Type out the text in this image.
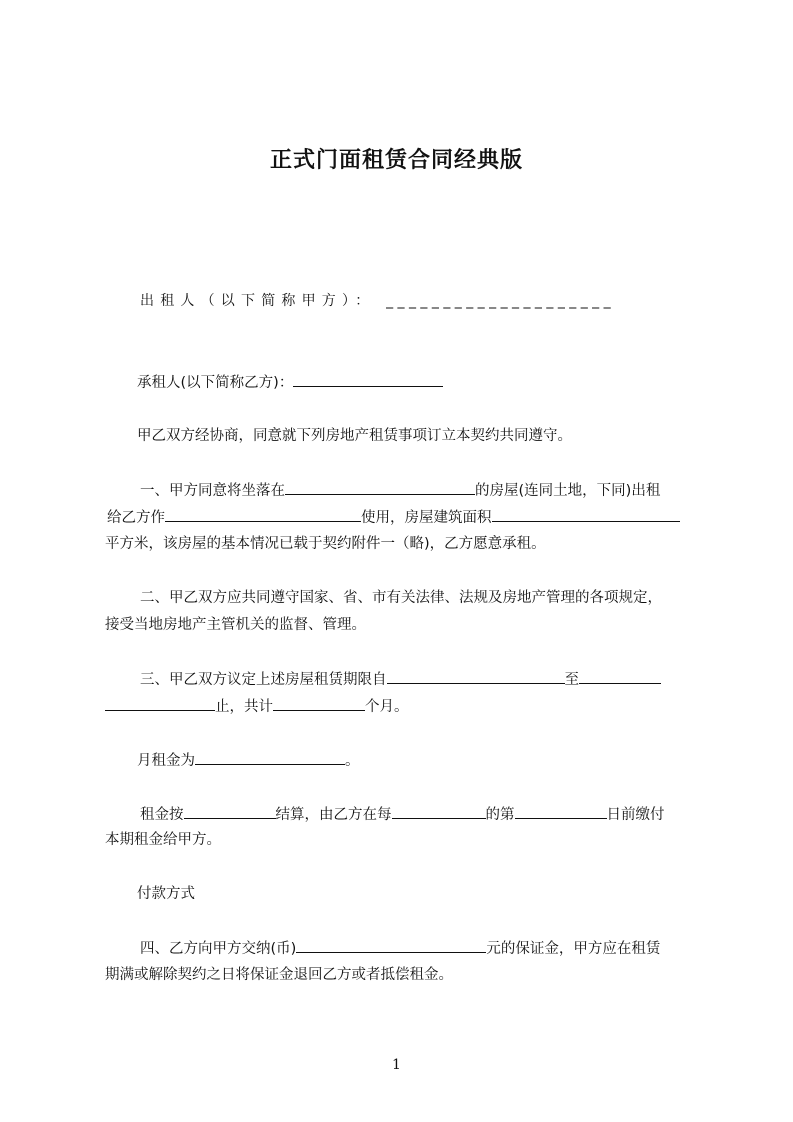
正式门面租赁合同经典版
出租人（以下简称甲方）： _ _ _ _ _ _ _ _ _ _ _ _ _ _ _ _ _ _ _ _
承租人(以下简称乙方)：
甲乙双方经协商，同意就下列房地产租赁事项订立本契约共同遵守。
一、甲方同意将坐落在	的房屋(连同土地，下同)出租
给乙方作	使用，房屋建筑面积
平方米，该房屋的基本情况已载于契约附件一（略)，乙方愿意承租。
二、甲乙双方应共同遵守国家、省、市有关法律、法规及房地产管理的各项规定，
接受当地房地产主管机关的监督、管理。
三、甲乙双方议定上述房屋租赁期限自	至
止，共计	个月。
月租金为	。
租金按	结算，由乙方在每	的第	日前缴付
本期租金给甲方。
付款方式
四、乙方向甲方交纳(币)	元的保证金，甲方应在租赁
期满或解除契约之日将保证金退回乙方或者抵偿租金。
1
